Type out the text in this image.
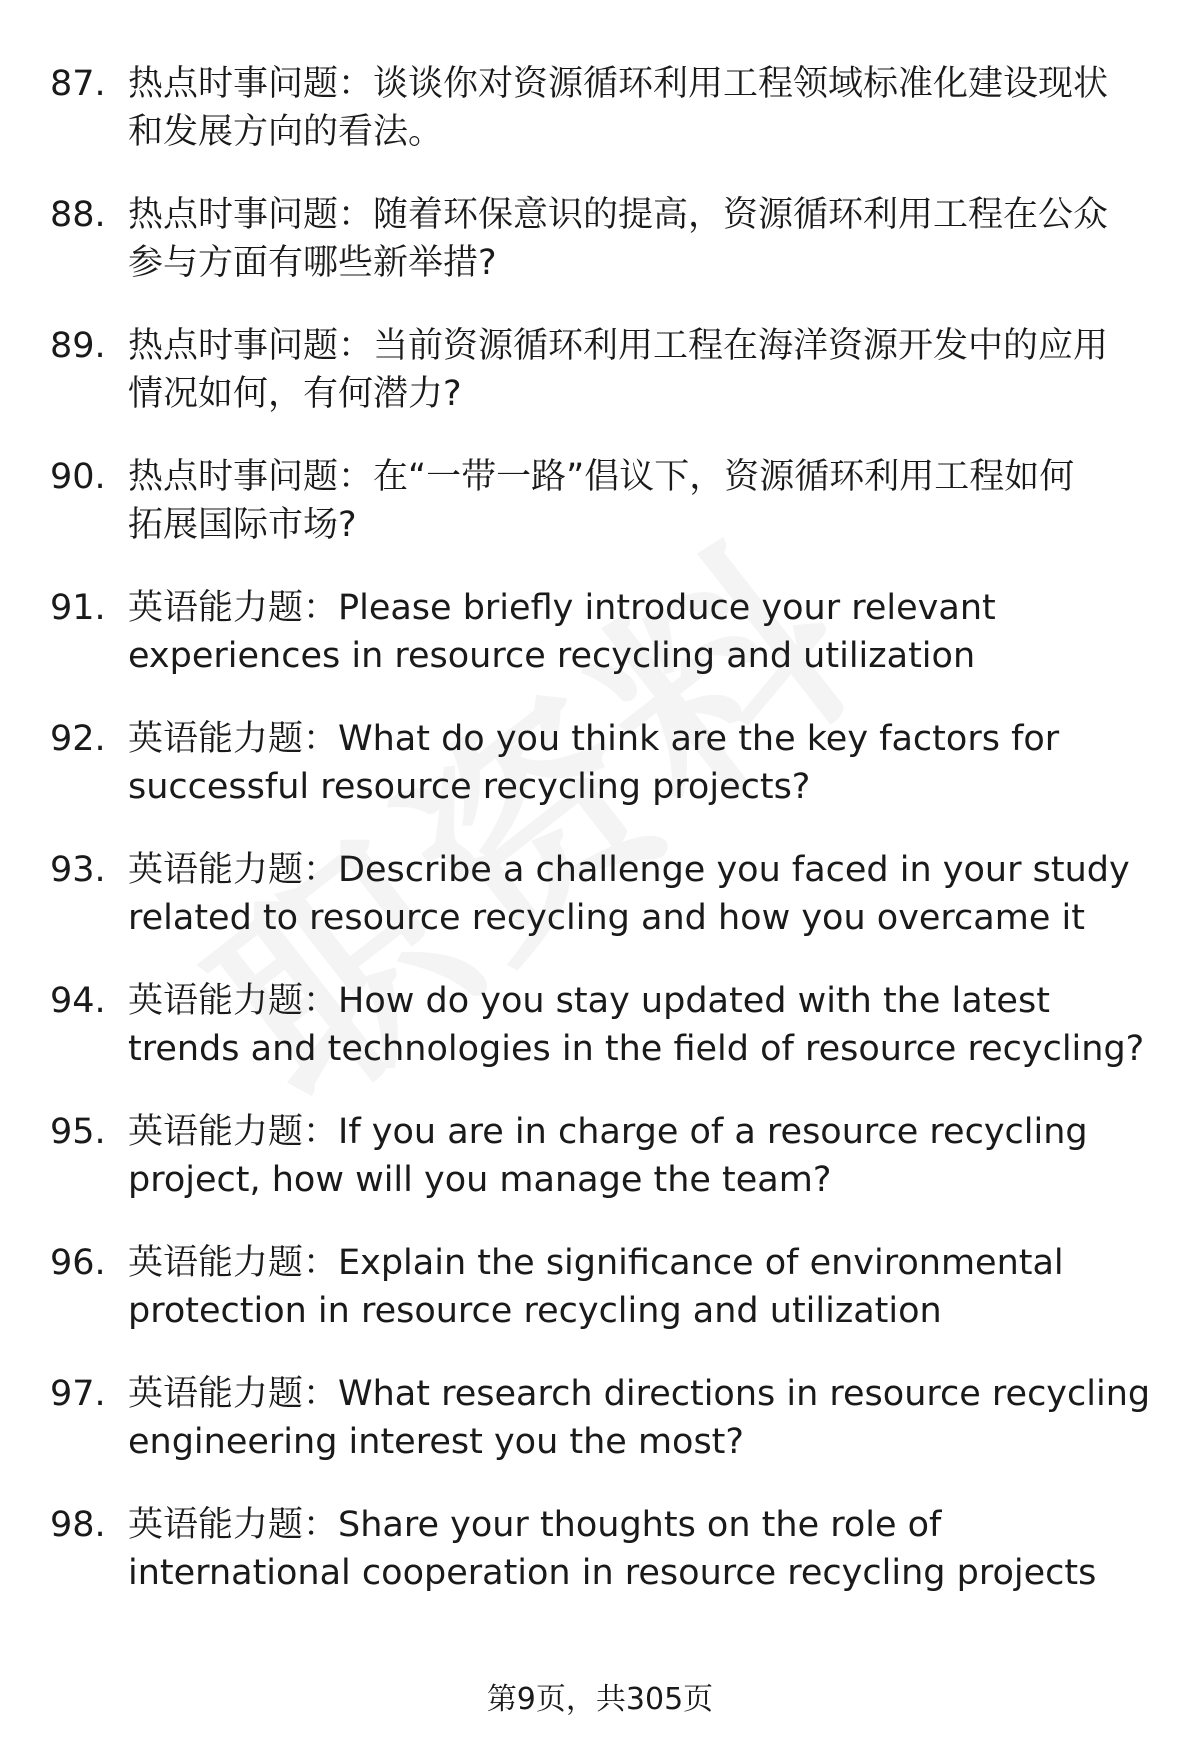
87. 热点时事问题：谈谈你对资源循环利用工程领域标准化建设现状
和发展方向的看法。
88. 热点时事问题：随着环保意识的提高，资源循环利用工程在公众
参与方面有哪些新举措?
89. 热点时事问题：当前资源循环利用工程在海洋资源开发中的应用
情况如何，有何潜力?
90. 热点时事问题：在“一带一路”倡议下，资源循环利用工程如何
拓展国际市场?
91. 英语能力题：Please briefly introduce your relevant
experiences in resource recycling and utilization
92. 英语能力题：What do you think are the key factors for
successful resource recycling projects?
93. 英语能力题：Describe a challenge you faced in your study
related to resource recycling and how you overcame it
94. 英语能力题：How do you stay updated with the latest
trends and technologies in the field of resource recycling?
95. 英语能力题：If you are in charge of a resource recycling
project, how will you manage the team?
96. 英语能力题：Explain the significance of environmental
protection in resource recycling and utilization
97. 英语能力题：What research directions in resource recycling
engineering interest you the most?
98. 英语能力题：Share your thoughts on the role of
international cooperation in resource recycling projects
第9页，共305页
